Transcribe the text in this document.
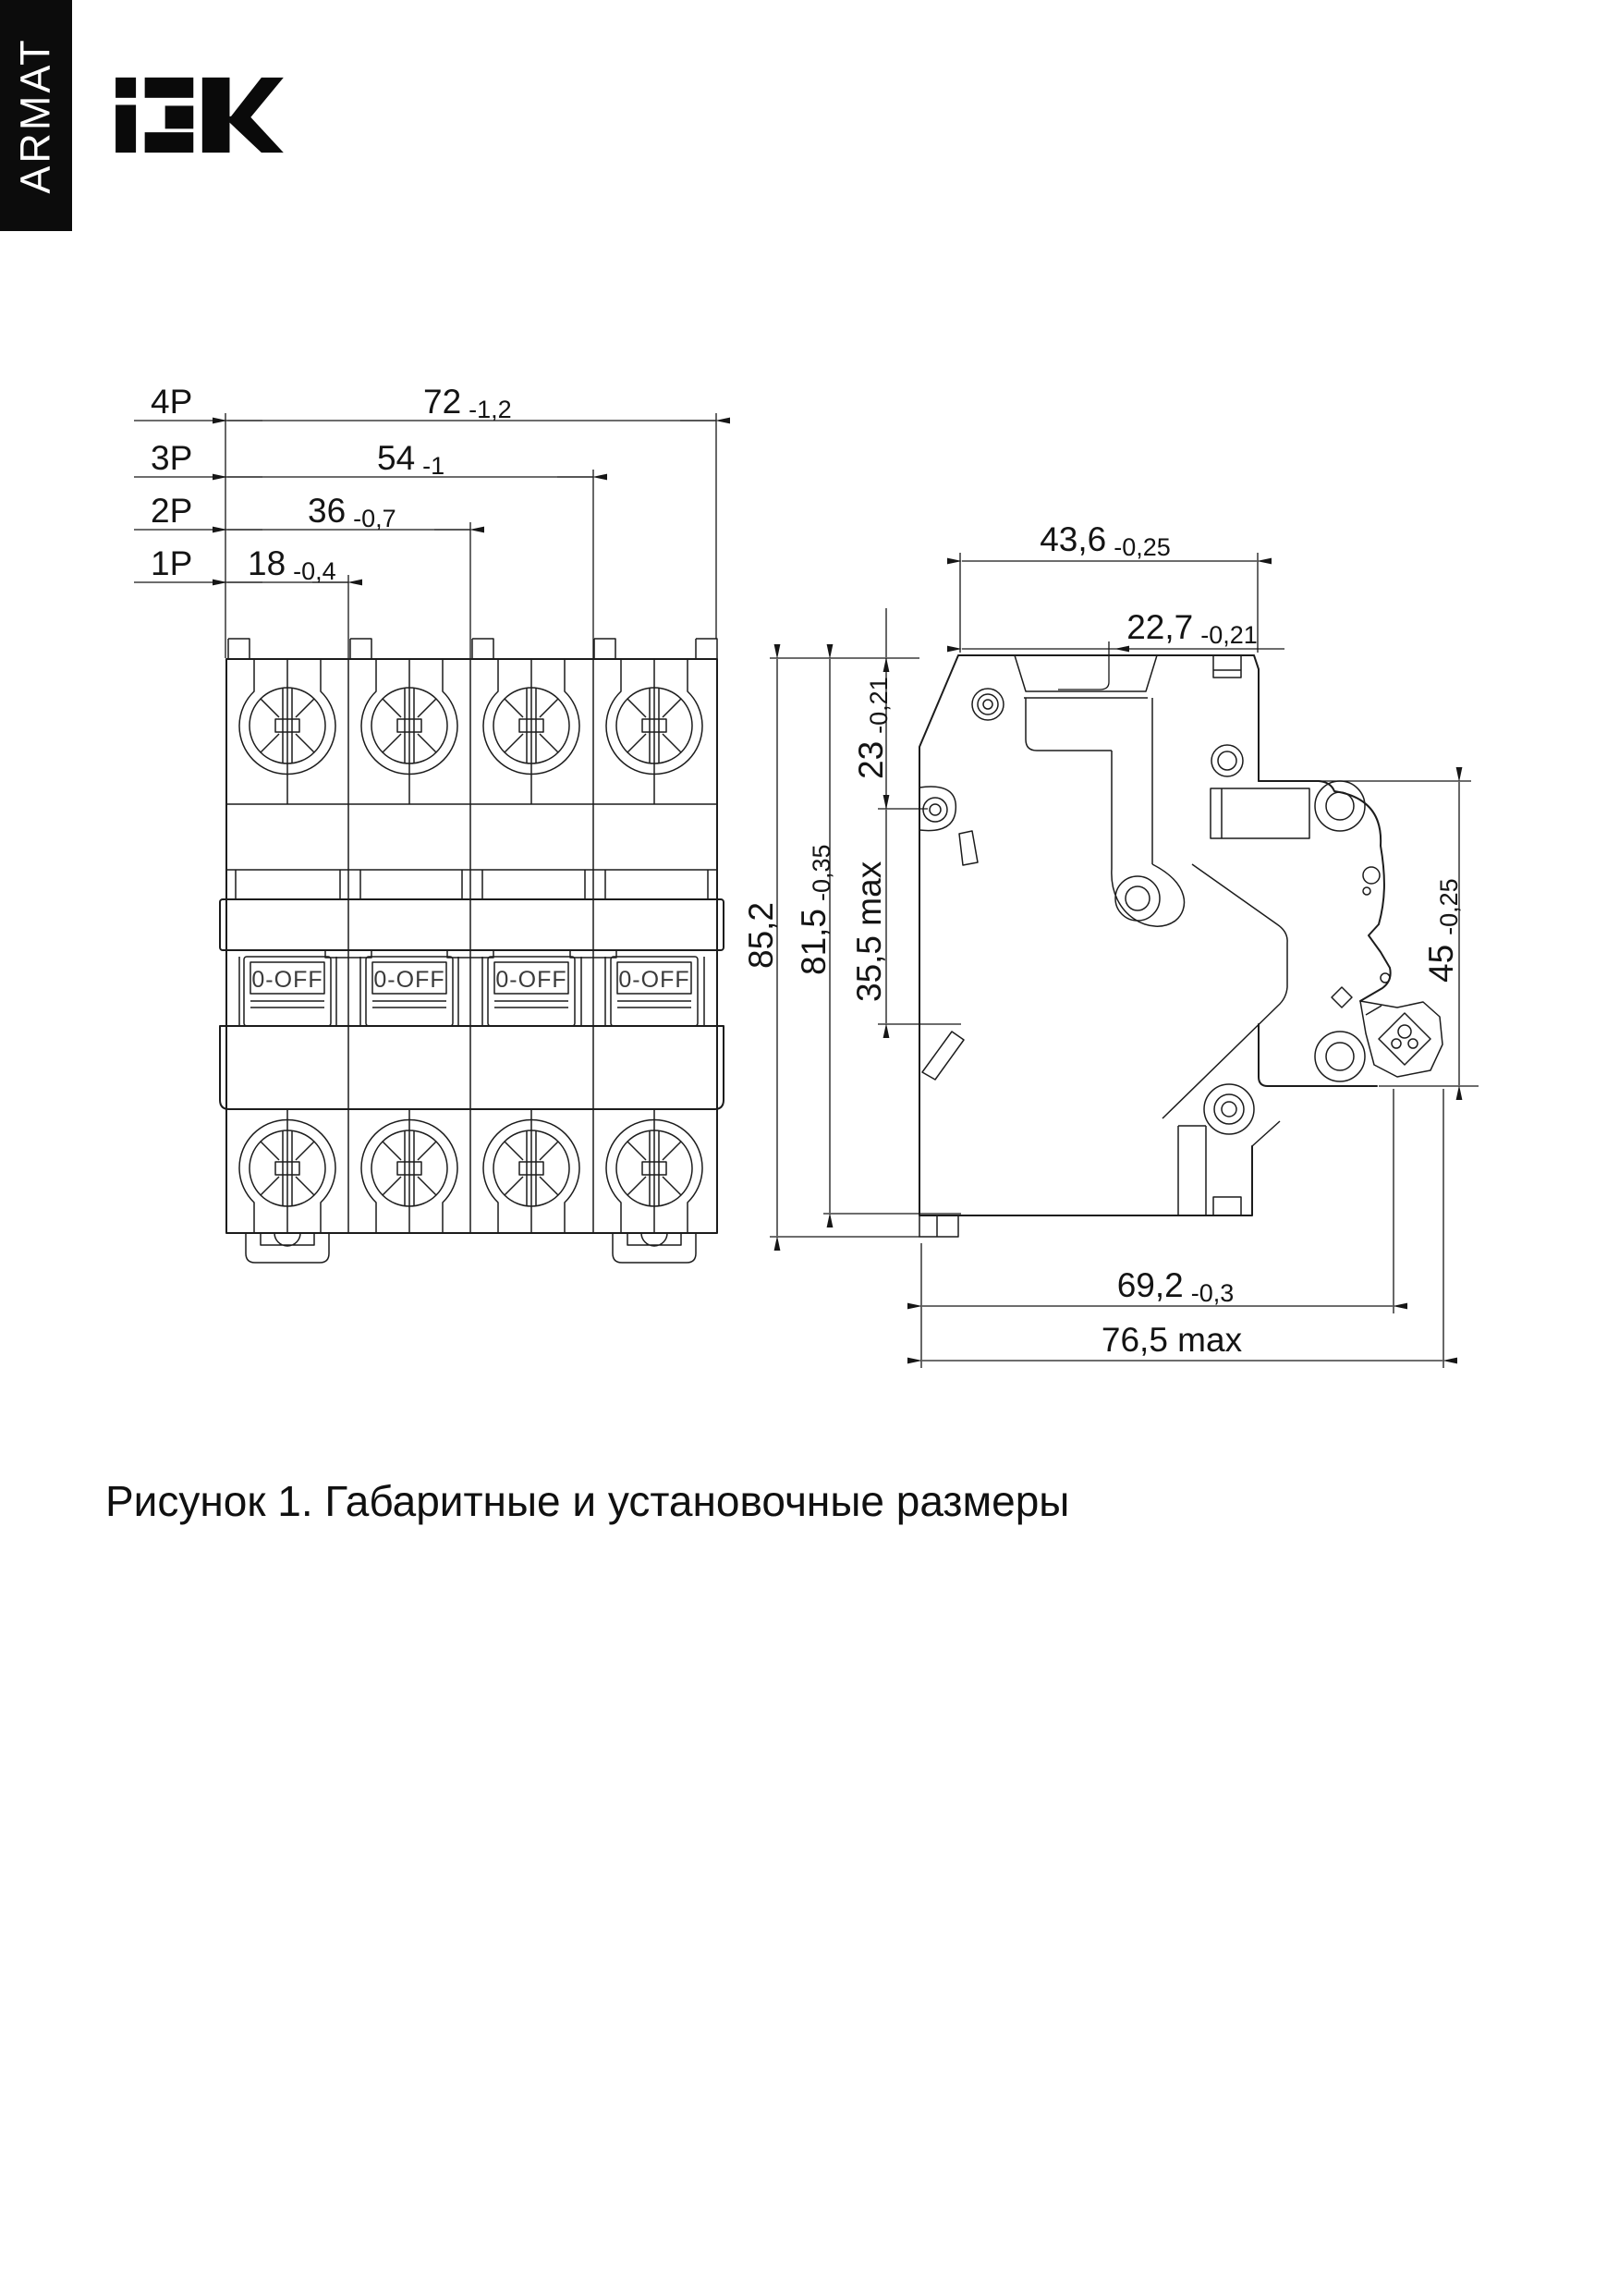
ARMAT
0-OFF 0-OFF 0-OFF 0-OFF
4P	72 -1,2
3P	54 -1
2P	36 -0,7
1P 18 -0,4
43,6 -0,25
22,7 -0,21
23-0,21
35,5 max
81,5-0,35
85,2	45-0,25
69,2 -0,3
76,5 max
Рисунок 1. Габаритные и установочные размеры
